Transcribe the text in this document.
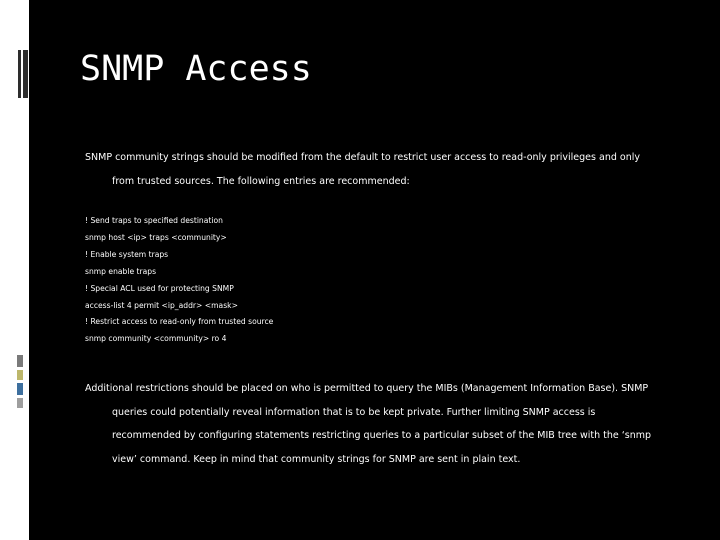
SNMP Access

SNMP community strings should be modified from the default to restrict user access to read-only privileges and only

from trusted sources. The following entries are recommended:

! Send traps to specified destination
snmp host <ip> traps <community>
! Enable system traps
snmp enable traps
! Special ACL used for protecting SNMP
access-list 4 permit <ip_addr> <mask>
! Restrict access to read-only from trusted source
snmp community <community> ro 4

Additional restrictions should be placed on who is permitted to query the MIBs (Management Information Base). SNMP

queries could potentially reveal information that is to be kept private. Further limiting SNMP access is
recommended by configuring statements restricting queries to a particular subset of the MIB tree with the ‘snmp
view’ command. Keep in mind that community strings for SNMP are sent in plain text.
